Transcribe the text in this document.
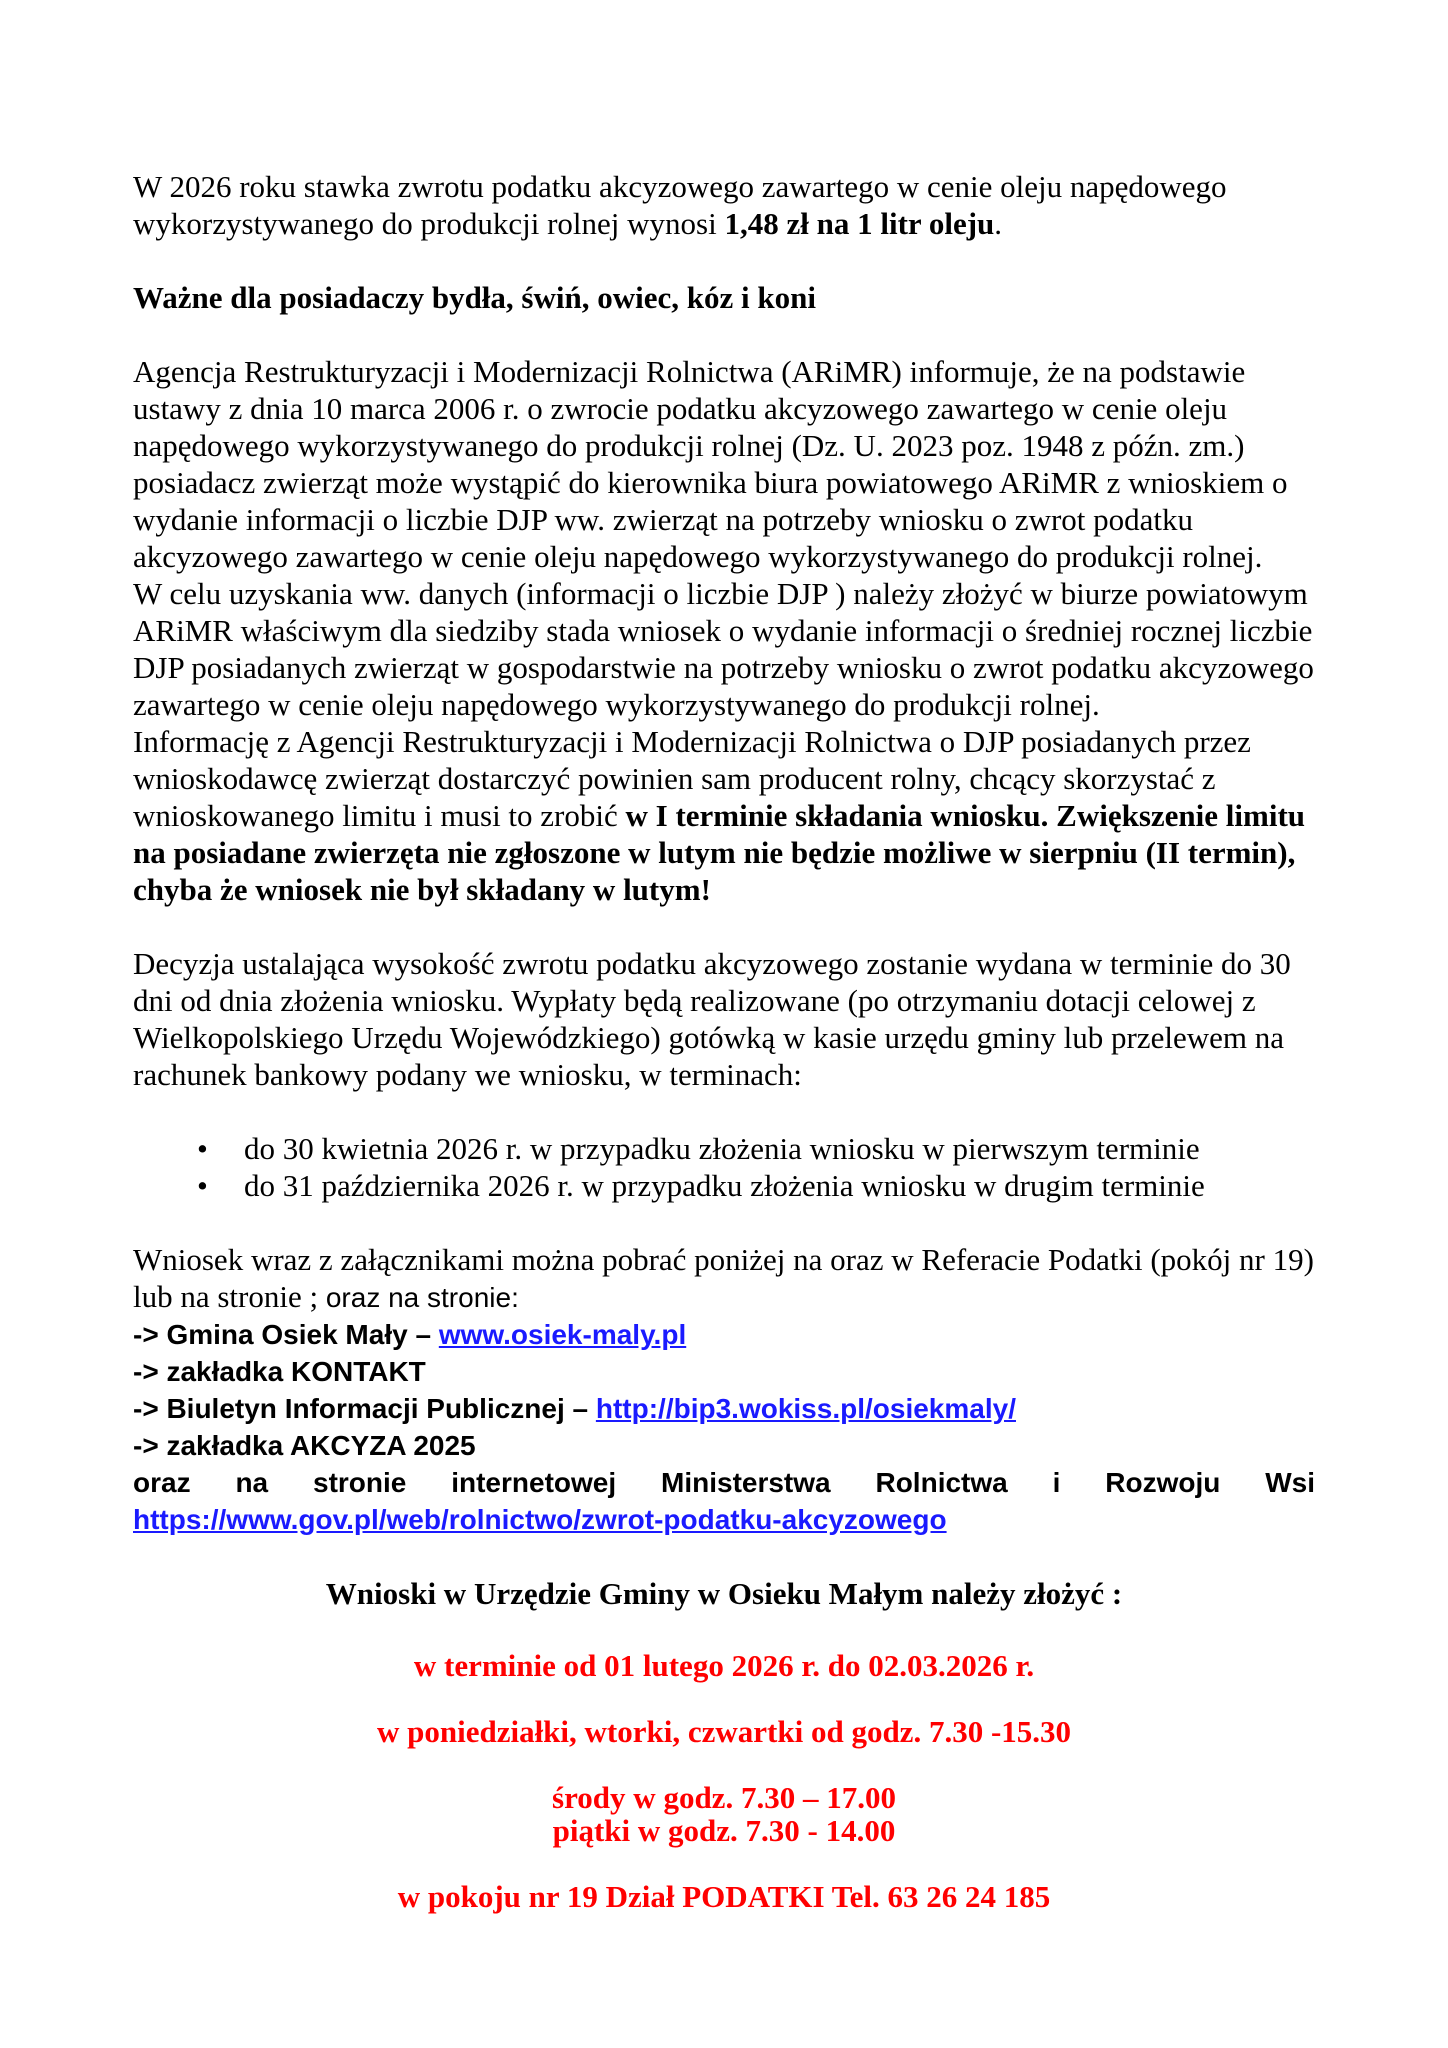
W 2026 roku stawka zwrotu podatku akcyzowego zawartego w cenie oleju napędowego wykorzystywanego do produkcji rolnej wynosi 1,48 zł na 1 litr oleju.

Ważne dla posiadaczy bydła, świń, owiec, kóz i koni

Agencja Restrukturyzacji i Modernizacji Rolnictwa (ARiMR) informuje, że na podstawie ustawy z dnia 10 marca 2006 r. o zwrocie podatku akcyzowego zawartego w cenie oleju napędowego wykorzystywanego do produkcji rolnej (Dz. U. 2023 poz. 1948 z późn. zm.) posiadacz zwierząt może wystąpić do kierownika biura powiatowego ARiMR z wnioskiem o wydanie informacji o liczbie DJP ww. zwierząt na potrzeby wniosku o zwrot podatku akcyzowego zawartego w cenie oleju napędowego wykorzystywanego do produkcji rolnej.

W celu uzyskania ww. danych (informacji o liczbie DJP ) należy złożyć w biurze powiatowym ARiMR właściwym dla siedziby stada wniosek o wydanie informacji o średniej rocznej liczbie DJP posiadanych zwierząt w gospodarstwie na potrzeby wniosku o zwrot podatku akcyzowego zawartego w cenie oleju napędowego wykorzystywanego do produkcji rolnej.

Informację z Agencji Restrukturyzacji i Modernizacji Rolnictwa o DJP posiadanych przez wnioskodawcę zwierząt dostarczyć powinien sam producent rolny, chcący skorzystać z wnioskowanego limitu i musi to zrobić w I terminie składania wniosku. Zwiększenie limitu na posiadane zwierzęta nie zgłoszone w lutym nie będzie możliwe w sierpniu (II termin), chyba że wniosek nie był składany w lutym!

Decyzja ustalająca wysokość zwrotu podatku akcyzowego zostanie wydana w terminie do 30 dni od dnia złożenia wniosku. Wypłaty będą realizowane (po otrzymaniu dotacji celowej z Wielkopolskiego Urzędu Wojewódzkiego) gotówką w kasie urzędu gminy lub przelewem na rachunek bankowy podany we wniosku, w terminach:

• do 30 kwietnia 2026 r. w przypadku złożenia wniosku w pierwszym terminie
• do 31 października 2026 r. w przypadku złożenia wniosku w drugim terminie

Wniosek wraz z załącznikami można pobrać poniżej na oraz w Referacie Podatki (pokój nr 19) lub na stronie ; oraz na stronie:

-> Gmina Osiek Mały – www.osiek-maly.pl

-> zakładka KONTAKT

-> Biuletyn Informacji Publicznej – http://bip3.wokiss.pl/osiekmaly/

-> zakładka AKCYZA 2025

oraz na stronie internetowej Ministerstwa Rolnictwa i Rozwoju Wsi

https://www.gov.pl/web/rolnictwo/zwrot-podatku-akcyzowego

Wnioski w Urzędzie Gminy w Osieku Małym należy złożyć :

w terminie od 01 lutego 2026 r. do 02.03.2026 r.

w poniedziałki, wtorki, czwartki od godz. 7.30 -15.30

środy w godz. 7.30 – 17.00

piątki w godz. 7.30 - 14.00

w pokoju nr 19 Dział PODATKI Tel. 63 26 24 185
